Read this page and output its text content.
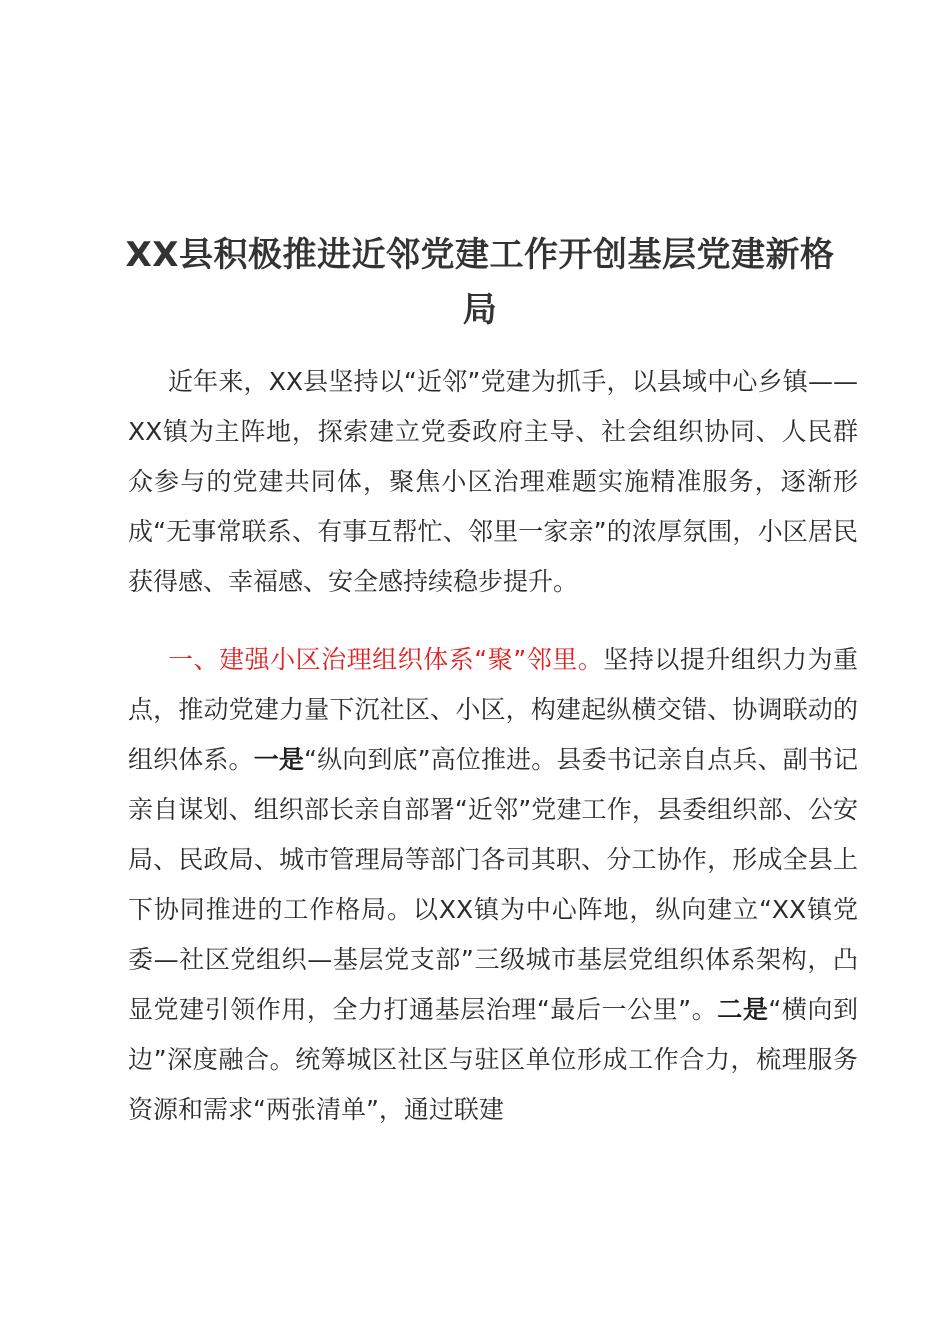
XX县积极推进近邻党建工作开创基层党建新格局

近年来，XX县坚持以“近邻”党建为抓手，以县域中心乡镇——XX镇为主阵地，探索建立党委政府主导、社会组织协同、人民群众参与的党建共同体，聚焦小区治理难题实施精准服务，逐渐形成“无事常联系、有事互帮忙、邻里一家亲”的浓厚氛围，小区居民获得感、幸福感、安全感持续稳步提升。

一、建强小区治理组织体系“聚”邻里。坚持以提升组织力为重点，推动党建力量下沉社区、小区，构建起纵横交错、协调联动的组织体系。一是“纵向到底”高位推进。县委书记亲自点兵、副书记亲自谋划、组织部长亲自部署“近邻”党建工作，县委组织部、公安局、民政局、城市管理局等部门各司其职、分工协作，形成全县上下协同推进的工作格局。以XX镇为中心阵地，纵向建立“XX镇党委—社区党组织—基层党支部”三级城市基层党组织体系架构，凸显党建引领作用，全力打通基层治理“最后一公里”。二是“横向到边”深度融合。统筹城区社区与驻区单位形成工作合力，梳理服务资源和需求“两张清单”，通过联建
